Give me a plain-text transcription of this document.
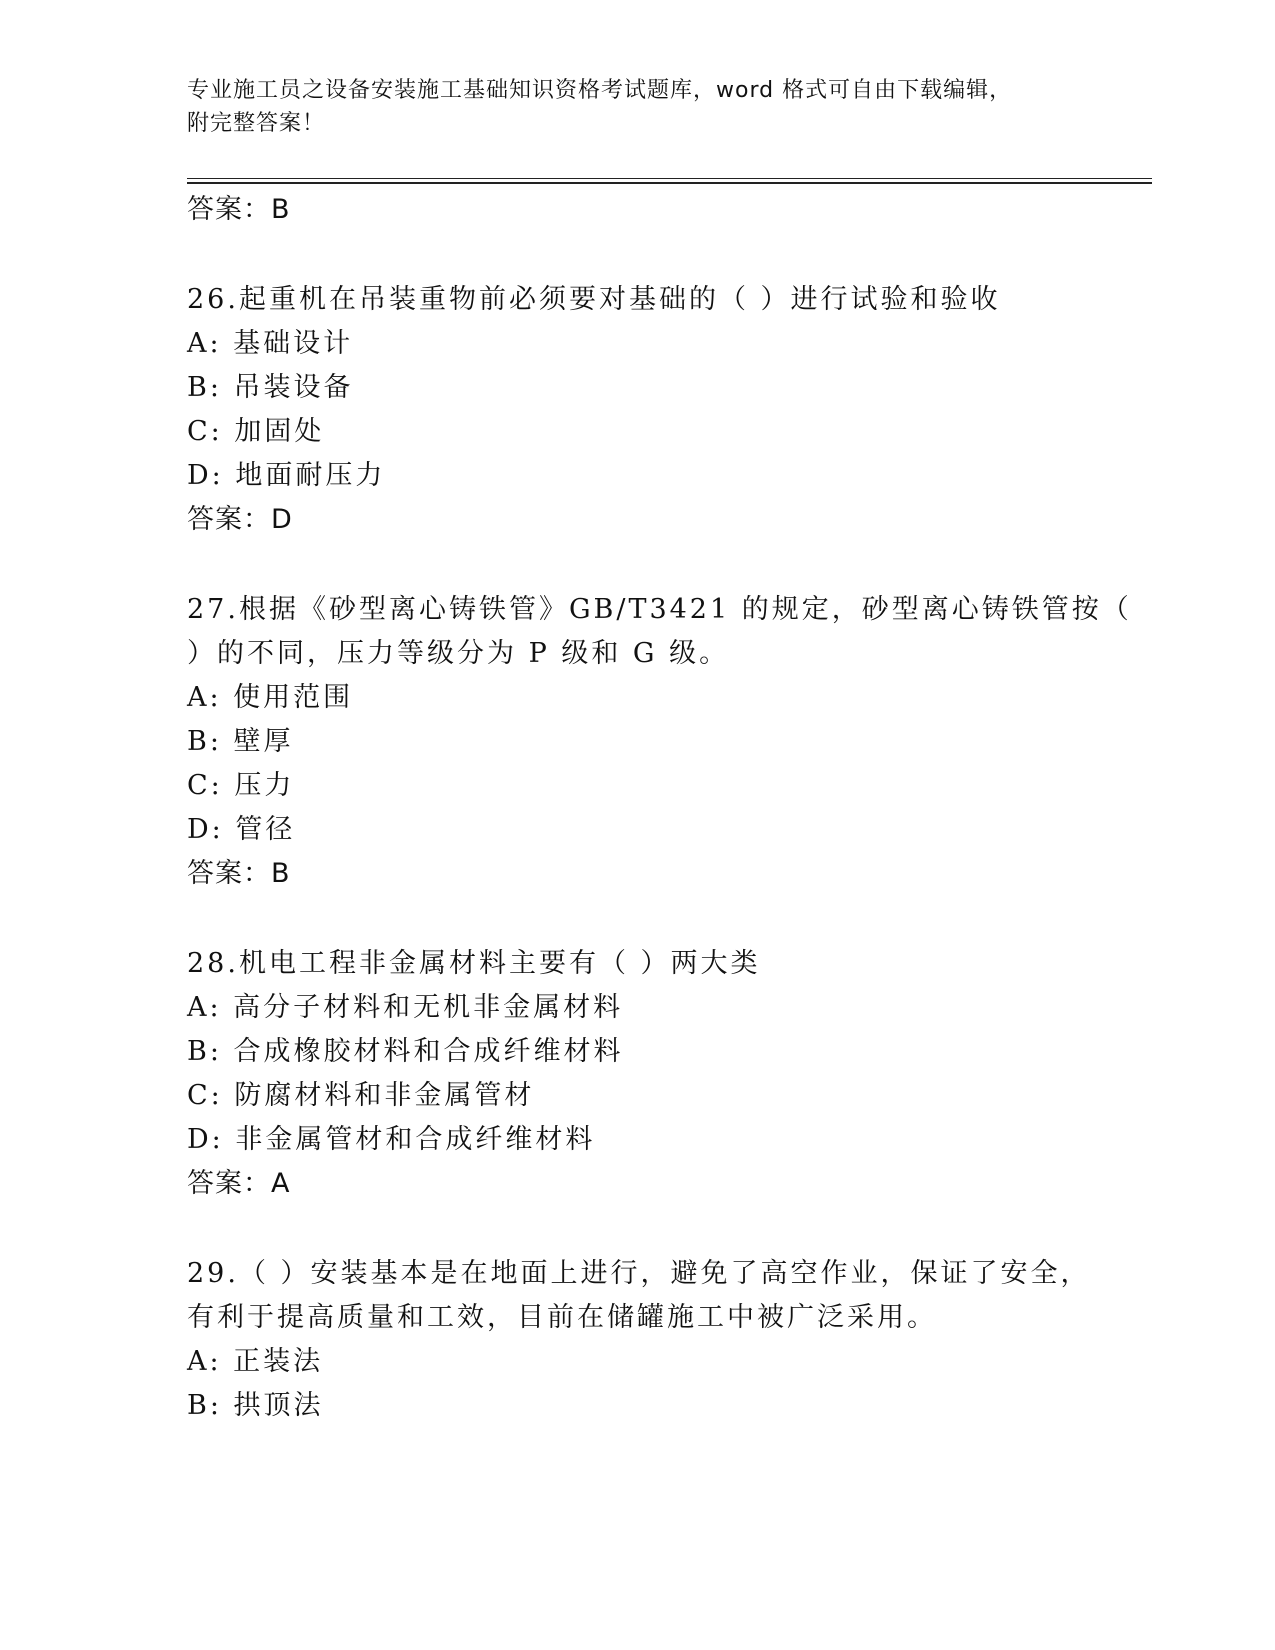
专业施工员之设备安装施工基础知识资格考试题库，word 格式可自由下载编辑，
附完整答案！
答案：B
26.起重机在吊装重物前必须要对基础的（ ）进行试验和验收
A: 基础设计
B: 吊装设备
C: 加固处
D: 地面耐压力
答案：D
27.根据《砂型离心铸铁管》GB/T3421 的规定，砂型离心铸铁管按（
）的不同，压力等级分为 P 级和 G 级。
A: 使用范围
B: 壁厚
C: 压力
D: 管径
答案：B
28.机电工程非金属材料主要有（ ）两大类
A: 高分子材料和无机非金属材料
B: 合成橡胶材料和合成纤维材料
C: 防腐材料和非金属管材
D: 非金属管材和合成纤维材料
答案：A
29.（ ）安装基本是在地面上进行，避免了高空作业，保证了安全，
有利于提高质量和工效，目前在储罐施工中被广泛采用。
A: 正装法
B: 拱顶法
